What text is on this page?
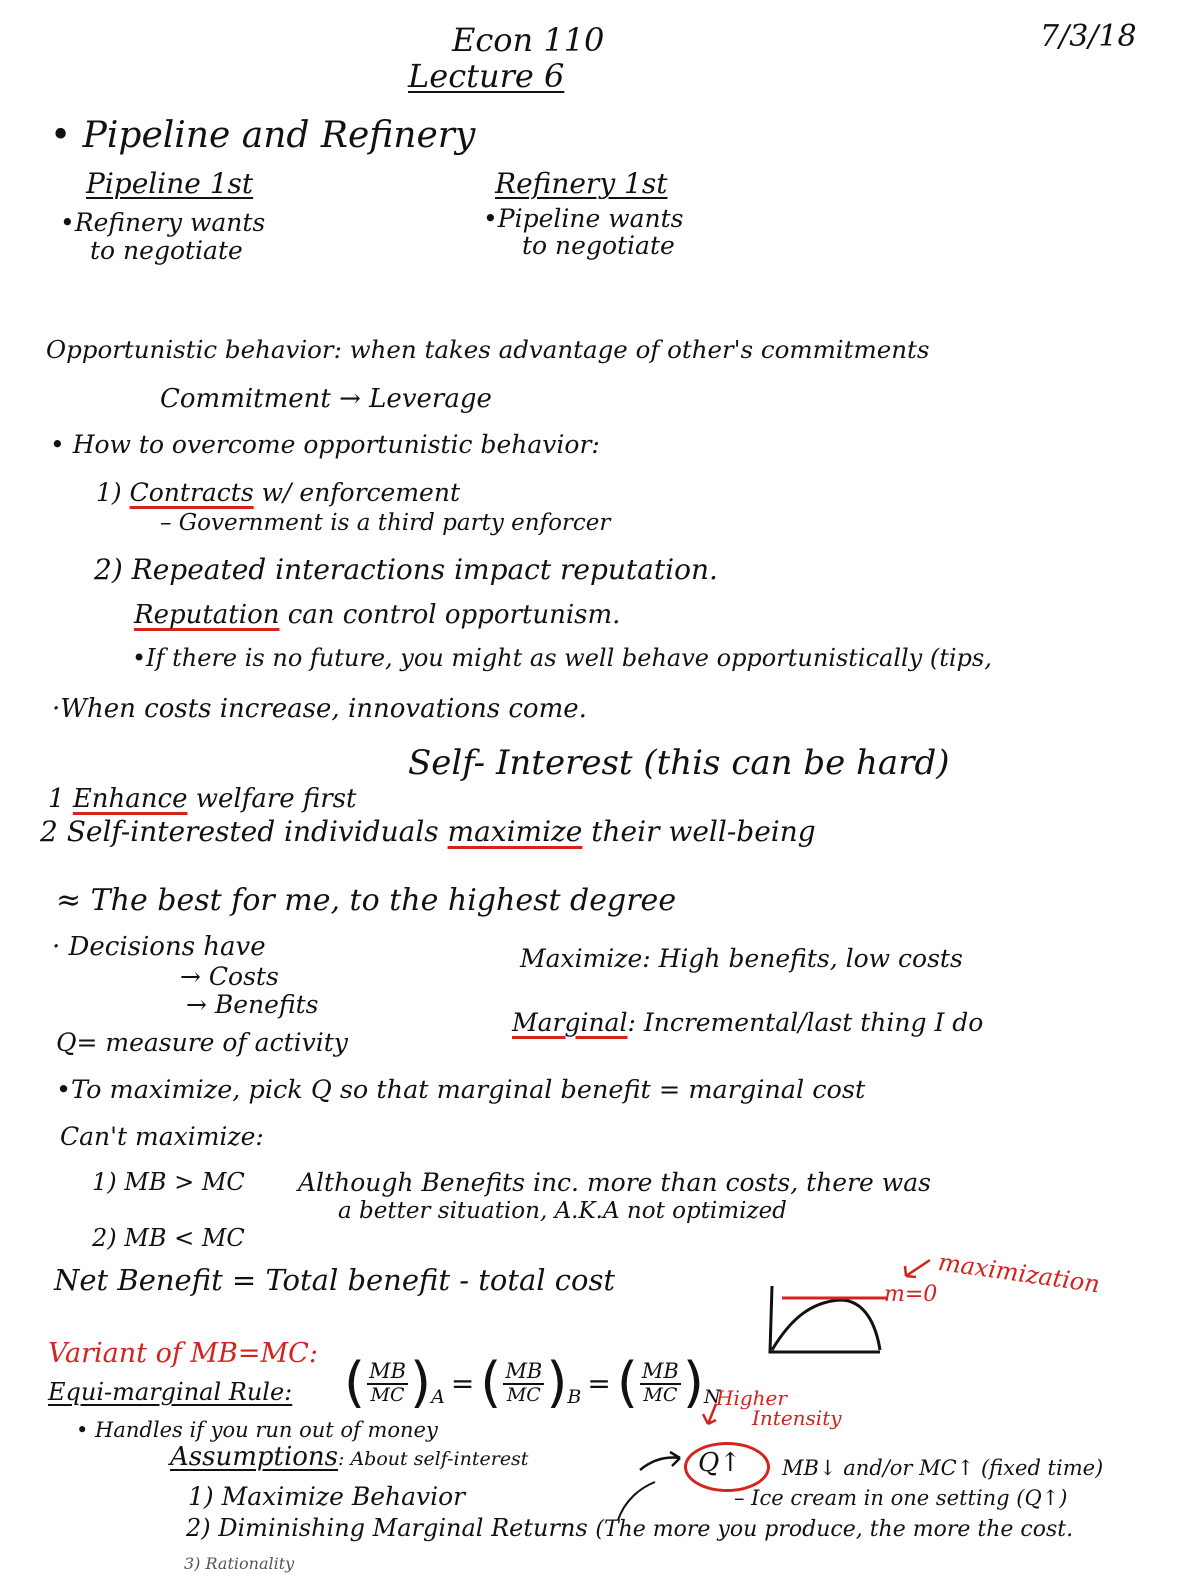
Econ 110
Lecture 6
7/3/18
• Pipeline and Refinery
Pipeline 1st
•Refinery wants
to negotiate
Refinery 1st
•Pipeline wants
to negotiate
Opportunistic behavior: when takes advantage of other's commitments
Commitment → Leverage
• How to overcome opportunistic behavior:
1) Contracts w/ enforcement
– Government is a third party enforcer
2) Repeated interactions impact reputation.
Reputation can control opportunism.
•If there is no future, you might as well behave opportunistically (tips,
·When costs increase, innovations come.
Self- Interest (this can be hard)
1 Enhance welfare first
2 Self-interested individuals maximize their well-being
≈ The best for me, to the highest degree
· Decisions have
→ Costs
→ Benefits
Maximize: High benefits, low costs
Marginal: Incremental/last thing I do
Q= measure of activity
•To maximize, pick Q so that marginal benefit = marginal cost
Can't maximize:
1) MB > MC Although Benefits inc. more than costs, there was
a better situation, A.K.A not optimized
2) MB < MC
Net Benefit = Total benefit - total cost	maximization
m=0
Variant of MB=MC:
Equi-marginal Rule: ( $\frac{MB}{MC}$ ) A = ( $\frac{MB}{MC}$ ) B = ( $\frac{MB}{MC}$ ) N
• Handles if you run out of money
Assumptions: About self-interest
1) Maximize Behavior
2) Diminishing Marginal Returns (The more you produce, the more the cost.
3) Rationality
Higher
Intensity
Q↑ MB↓ and/or MC↑ (fixed time)
– Ice cream in one setting (Q↑)
